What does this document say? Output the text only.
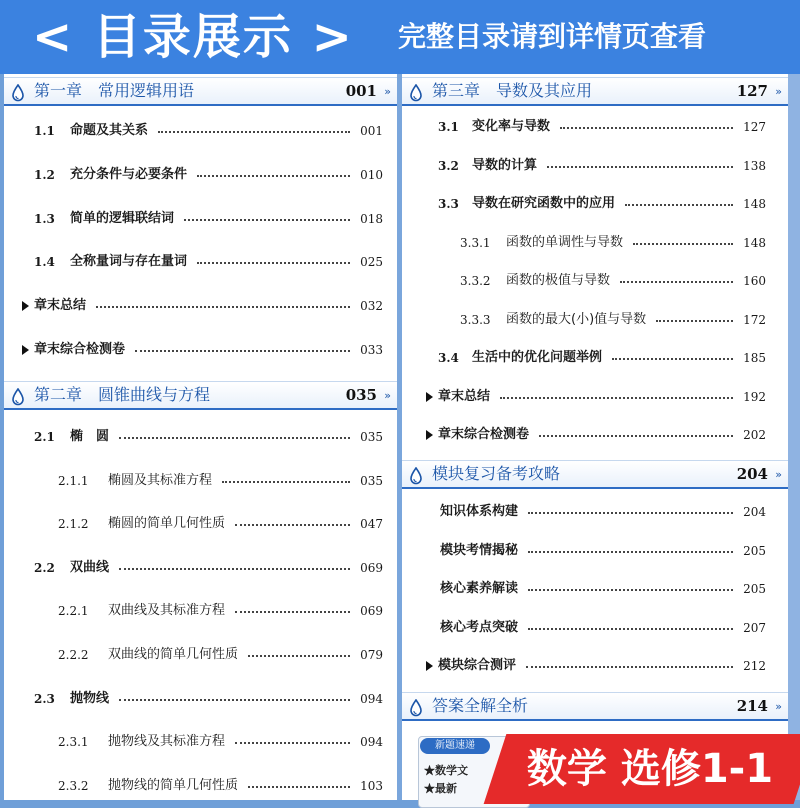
< 目录展示 > 完整目录请到详情页查看
第一章　常用逻辑用语	001 »
1.1 命题及其关系	001
1.2 充分条件与必要条件	010
1.3 简单的逻辑联结词	018
1.4 全称量词与存在量词	025
章末总结	032
章末综合检测卷	033
第二章　圆锥曲线与方程	035 »
2.1 椭　圆	035
2.1.1 椭圆及其标准方程	035
2.1.2 椭圆的简单几何性质	047
2.2 双曲线	069
2.2.1 双曲线及其标准方程	069
2.2.2 双曲线的简单几何性质	079
2.3 抛物线	094
2.3.1 抛物线及其标准方程	094
2.3.2 抛物线的简单几何性质	103
第三章　导数及其应用	127 »
3.1 变化率与导数	127
3.2 导数的计算	138
3.3 导数在研究函数中的应用	148
3.3.1 函数的单调性与导数	148
3.3.2 函数的极值与导数	160
3.3.3 函数的最大(小)值与导数	172
3.4 生活中的优化问题举例	185
章末总结	192
章末综合检测卷	202
模块复习备考攻略	204 »
知识体系构建	204
模块考情揭秘	205
核心素养解读	205
核心考点突破	207
模块综合测评	212
答案全解全析	214 »
新题速递
★数学文
★最新	数学 选修1-1
